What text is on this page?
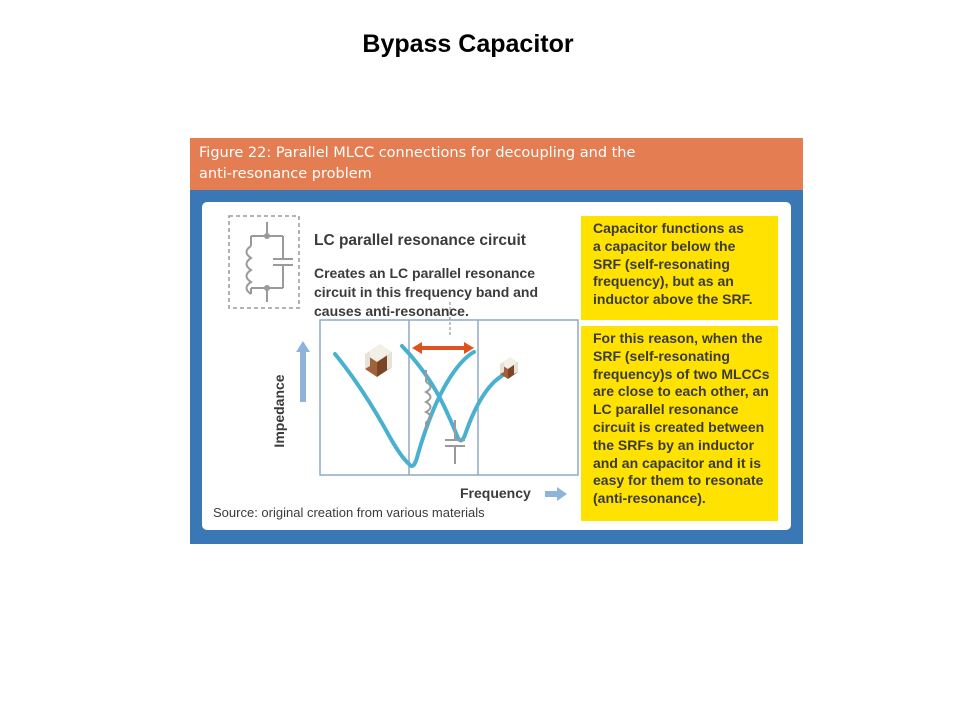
Bypass Capacitor
Figure 22: Parallel MLCC connections for decoupling and the
anti-resonance problem
LC parallel resonance circuit
Creates an LC parallel resonance
circuit in this frequency band and
causes anti-resonance.
Impedance
Frequency
Source: original creation from various materials
Capacitor functions as
a capacitor below the
SRF (self-resonating
frequency), but as an
inductor above the SRF.
For this reason, when the
SRF (self-resonating
frequency)s of two MLCCs
are close to each other, an
LC parallel resonance
circuit is created between
the SRFs by an inductor
and an capacitor and it is
easy for them to resonate
(anti-resonance).
